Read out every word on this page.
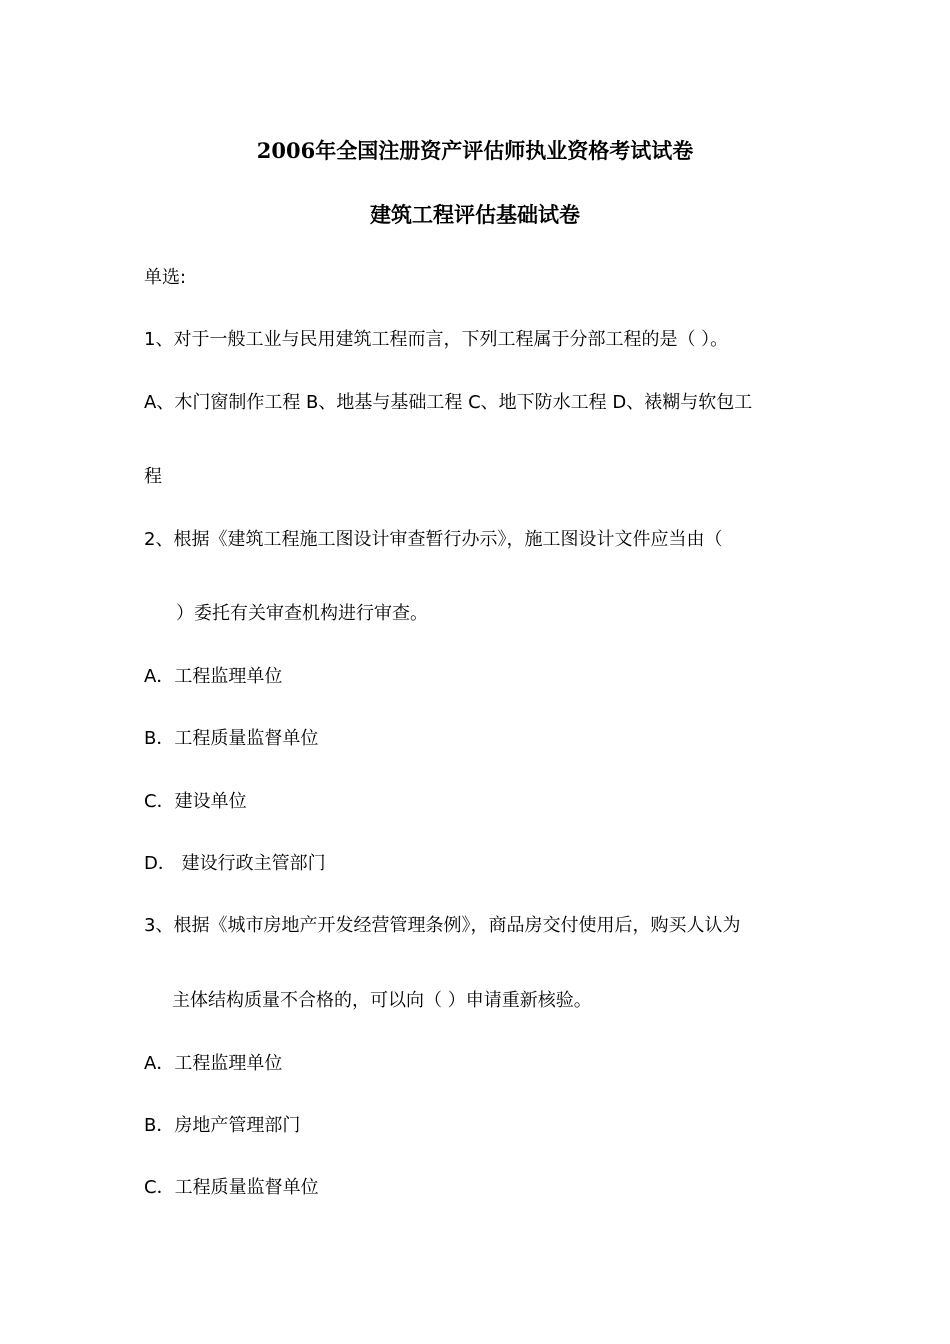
2006年全国注册资产评估师执业资格考试试卷
建筑工程评估基础试卷
单选:
1、对于一般工业与民用建筑工程而言，下列工程属于分部工程的是（ ）。
A、木门窗制作工程 B、地基与基础工程 C、地下防水工程 D、裱糊与软包工
程
2、根据《建筑工程施工图设计审查暂行办示》，施工图设计文件应当由（
）委托有关审查机构进行审查。
A．工程监理单位
B．工程质量监督单位
C．建设单位
D． 建设行政主管部门
3、根据《城市房地产开发经营管理条例》，商品房交付使用后，购买人认为
主体结构质量不合格的，可以向（ ）申请重新核验。
A．工程监理单位
B．房地产管理部门
C．工程质量监督单位
